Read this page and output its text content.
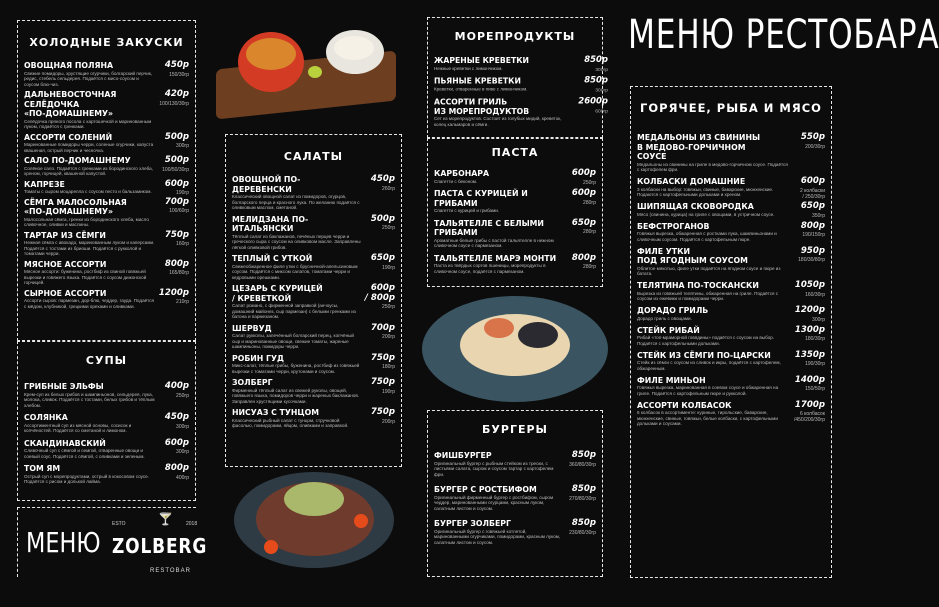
МЕНЮ РЕСТОБАРА
ХОЛОДНЫЕ ЗАКУСКИ
ОВОЩНАЯ ПОЛЯНА	450р
150/30гр
Свежие помидоры, хрустящие огурчики, болгарский перчик, редис, стебель сельдерея. Подаётся с мисо-соусом и соусом блю-чиз.
ДАЛЬНЕВОСТОЧНАЯ СЕЛЁДОЧКА
«ПО-ДОМАШНЕМУ»
420р
100/130/30гр
Селёдочка пряного посола с картошечкой и маринованным луком, подаётся с гренками.
АССОРТИ СОЛЕНИЙ	500р
300гр
Маринованные помидоры черри, соленые огурчики, капуста квашеная, острый перчик и чесночка.
САЛО ПО-ДОМАШНЕМУ	500р
100/50/30гр
Солёное сало. Подаётся с гренками из бородинского хлеба, хреном, горчицей, квашеной капустой.
КАПРЕЗЕ	600р
190гр
Томаты с сыром моцарелла с соусом песто и бальзамиком.
СЁМГА МАЛОСОЛЬНАЯ
«ПО-ДОМАШНЕМУ»
700р
100/60гр
Малосольная сёмга, гренки из бородинского хлеба, масло сливочное, оливки и маслины.
ТАРТАР ИЗ СЁМГИ	750р
160гр
Нежная сёмга с авокадо, маринованным луком и каперсами. Подаётся с тостами из бриоши. Подаётся с рукколой и томатами черри.
МЯСНОЕ АССОРТИ	800р
165/80гр
Мясное ассорти: буженина, ростбиф из свиной говяжьей вырезки и говяжего языка. Подаётся с соусом дижонской горчицей.
СЫРНОЕ АССОРТИ	1200р
210гр
Ассорти сыров: пармезан, дор-блю, чеддер, гауда. Подаётся с мёдом, клубникой, грецкими орехами и оливками.
СУПЫ
ГРИБНЫЕ ЭЛЬФЫ	400р
250гр
Крем-суп из белых грибов и шампиньонов, сельдерея, лука, молока, сливок. Подаётся с тостами, белых грибов и тёплым хлебом.
СОЛЯНКА	450р
300гр
Ассортиментный суп из мясной основы, сосисок и копчёностей. Подаётся со сметаной и лимоном.
СКАНДИНАВСКИЙ	600р
300гр
Сливочный суп с сёмгой и семгой, отваренные овощи и соевый соус. Подаётся с сёмгой, с оливками и зеленым.
ТОМ ЯМ	800р
400гр
Острый суп с морепродуктами, острый в кокосовом соусе. Подаётся с рисом и долькой лайма.
МЕНЮ
ESTO	2018
🍸
ZOLBERG
RESTOBAR
САЛАТЫ
ОВОЩНОЙ ПО-ДЕРЕВЕНСКИ
450р
260гр
Классический овощной салат из помидоров, огурцов, болгарского перца и красного лука. По желанию подаётся с оливковым маслом, сметаной.
МЕЛИДЗАНА ПО-ИТАЛЬЯНСКИ
500р
250гр
Тёплый салат из баклажанов, печёных перцев черри и греческого сыра с соусом на оливковом масле. Заправлены лёгкой оливковой грибов.
ТЕПЛЫЙ С УТКОЙ	650р
190гр
Свежеобжаренное филе утки с брусничной-апельсиновым соусом. Подаётся с миксом салатов, томатами черри и кедровыми орешками.
ЦЕЗАРЬ С КУРИЦЕЙ
/ КРЕВЕТКОЙ
600р
/ 800р
250гр
Салат романо, с фирменной заправкой (анчоусы, домашний майонез, сыр пармезан) с белыми гренками из батона и пармезаном.
ШЕРВУД	700р
200гр
Салат рукколы, запечённый болгарский перец, копчёный сыр и маринованные овощи, свежие томаты, жареные шампиньоны, помидоры черри.
РОБИН ГУД	750р
180гр
Микс-салат, тёплые грибы, буженина, ростбиф из говяжьей вырезки с томатами черри, крутонами и соусом.
ЗОЛБЕРГ	750р
190гр
Фирменный тёплый салат из свежей руколы, овощей, говяжьего языка, помидоров черри и жареных баклажанов. Заправлен хрустящими кусочками.
НИСУАЗ С ТУНЦОМ	750р
200гр
Классический рыбный салат с тунцом, стручковой фасолью, помидорами, яйцом, оливками и заправкой.
МОРЕПРОДУКТЫ
ЖАРЕНЫЕ КРЕВЕТКИ	850р
300гр
Нежные креветки с лимончиком.
ПЬЯНЫЕ КРЕВЕТКИ	850р
300гр
Креветки, отваренные в пиве с лимончиком.
АССОРТИ ГРИЛЬ
ИЗ МОРЕПРОДУКТОВ
2600р
600гр
Сет из морепродуктов. Состоит из голубых мидий, креветок, колец кальмаров и сёмги.
ПАСТА
КАРБОНАРА	600р
250гр
Спагетти с беконом.
ПАСТА С КУРИЦЕЙ И ГРИБАМИ
600р
280гр
Спагетти с курицей и грибами.
ТАЛЬЯТЕЛЛЕ С БЕЛЫМИ ГРИБАМИ
650р
280гр
Ароматные белые грибы с пастой тальятелле в нежном сливочном соусе с пармезаном.
ТАЛЬЯТЕЛЛЕ МАРЭ МОНТИ	800р
280гр
Паста из твёрдых сортов пшеницы, морепродукты в сливочном соусе, подаётся с пармезаном.
БУРГЕРЫ
ФИШБУРГЕР	850р
360/80/30гр
Оригинальный бургер с рыбным стейком из трески, с листьями салата, сыром и соусом тартар с картофелем фри.
БУРГЕР С РОСТБИФОМ	850р
270/80/30гр
Оригинальный фирменный бургер с ростбифом, сыром чеддер, маринованными огурцами, красным луком, салатным листом и соусом.
БУРГЕР ЗОЛБЕРГ	850р
230/80/30гр
Оригинальный бургер с говяжьей котлетой, маринованными огурчиками, помидорами, красным луком, салатным листом и соусом.
ГОРЯЧЕЕ, РЫБА И МЯСО
МЕДАЛЬОНЫ ИЗ СВИНИНЫ
В МЕДОВО-ГОРЧИЧНОМ
СОУСЕ
550р
200/30гр
Медальоны из свинины на гриле в медово-горчичном соусе. Подаётся с картофелем фри.
КОЛБАСКИ ДОМАШНИЕ	600р
2 колбаски
/ 250/30гр
3 колбаски на выбор: говяжьи, свиные, баварские, мюнхенские. Подаются с картофельными дольками и хреном.
ШИПЯЩАЯ СКОВОРОДКА	650р
350гр
Мясо (свинина, курица) на гриле с овощами, в устричном соусе.
БЕФСТРОГАНОВ	800р
190/150гр
Говяжья вырезка, обжаренная с ростками лука, шампиньонами и сливочным соусом. Подаётся с картофельным пюре.
ФИЛЕ УТКИ
ПОД ЯГОДНЫМ СОУСОМ
950р
180/30/80гр
Облитое мякотью, филе утки подаётся на ягодном соусе и пюре из батата.
ТЕЛЯТИНА ПО-ТОСКАНСКИ	1050р
160/30гр
Вырезка из говяжьей телятины, обжаренная на гриле. Подаётся с соусом из ежевики и помидорами черри.
ДОРАДО ГРИЛЬ	1200р
300гр
Дорадо гриль с овощами.
СТЕЙК РИБАЙ	1300р
180/30гр
Рибай «топ-мраморной говядины» подаётся с соусом на выбор. Подаётся с картофельными дольками.
СТЕЙК ИЗ СЁМГИ ПО-ЦАРСКИ	1350р
190/30гр
Стейк из сёмги с соусом из сливок и икры, подаётся с картофелем, обжаренным.
ФИЛЕ МИНЬОН	1400р
150/50гр
Говяжья вырезка, маринованная в соевом соусе и обжаренная на гриле. Подаётся с картофельным пюре и рукколой.
АССОРТИ КОЛБАСОК	1700р
6 колбасок
/450/200/30гр
6 колбасок в ассортименте: куриные, тирольские, баварские, мюнхенские, свиные, говяжьи, белые колбаски, с картофельными дольками и соусами.
